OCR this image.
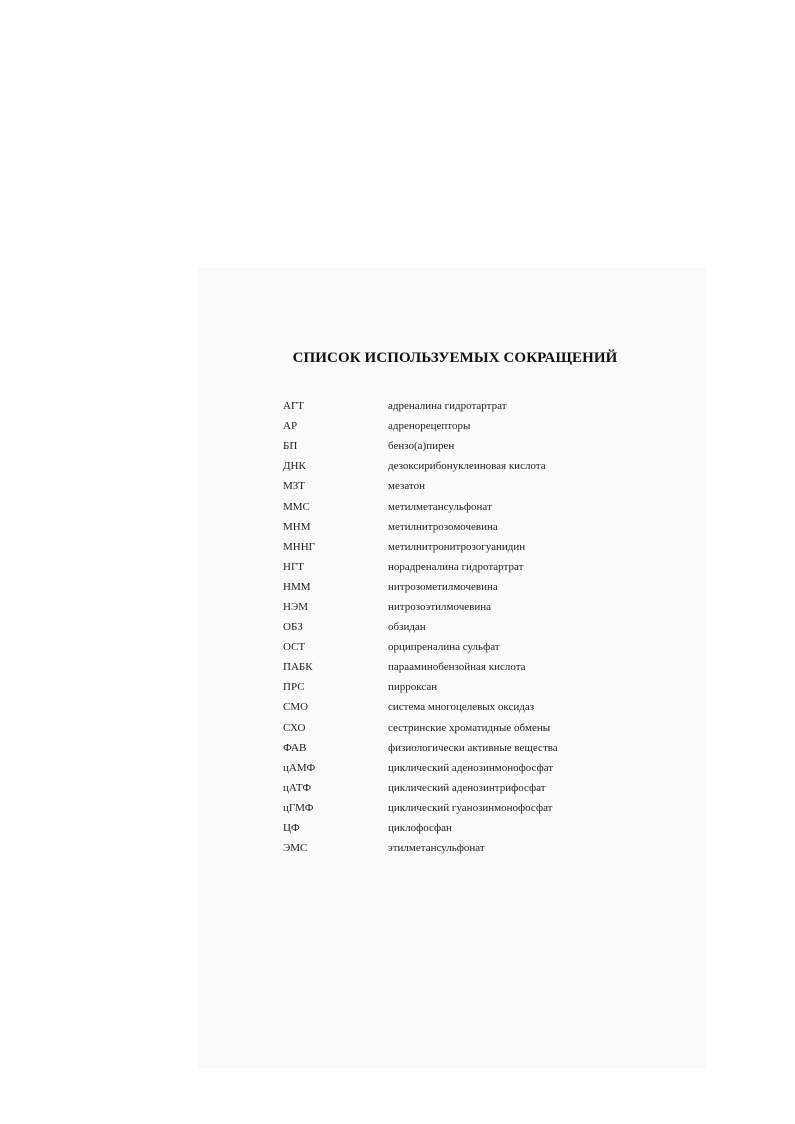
СПИСОК ИСПОЛЬЗУЕМЫХ СОКРАЩЕНИЙ
АГТ	адреналина гидротартрат
АР	адренорецепторы
БП	бензо(а)пирен
ДНК	дезоксирибонуклеиновая кислота
МЗТ	мезатон
ММС	метилметансульфонат
МНМ	метилнитрозомочевина
МННГ	метилнитронитрозогуанидин
НГТ	норадреналина гидротартрат
НММ	нитрозометилмочевина
НЭМ	нитрозоэтилмочевина
ОБЗ	обзидан
ОСТ	орципреналина сульфат
ПАБК	парааминобензойная кислота
ПРС	пирроксан
СМО	система многоцелевых оксидаз
СХО	сестринские хроматидные обмены
ФАВ	физиологически активные вещества
цАМФ	циклический аденозинмонофосфат
цАТФ	циклический аденозинтрифосфат
цГМФ	циклический гуанозинмонофосфат
ЦФ	циклофосфан
ЭМС	этилметансульфонат
